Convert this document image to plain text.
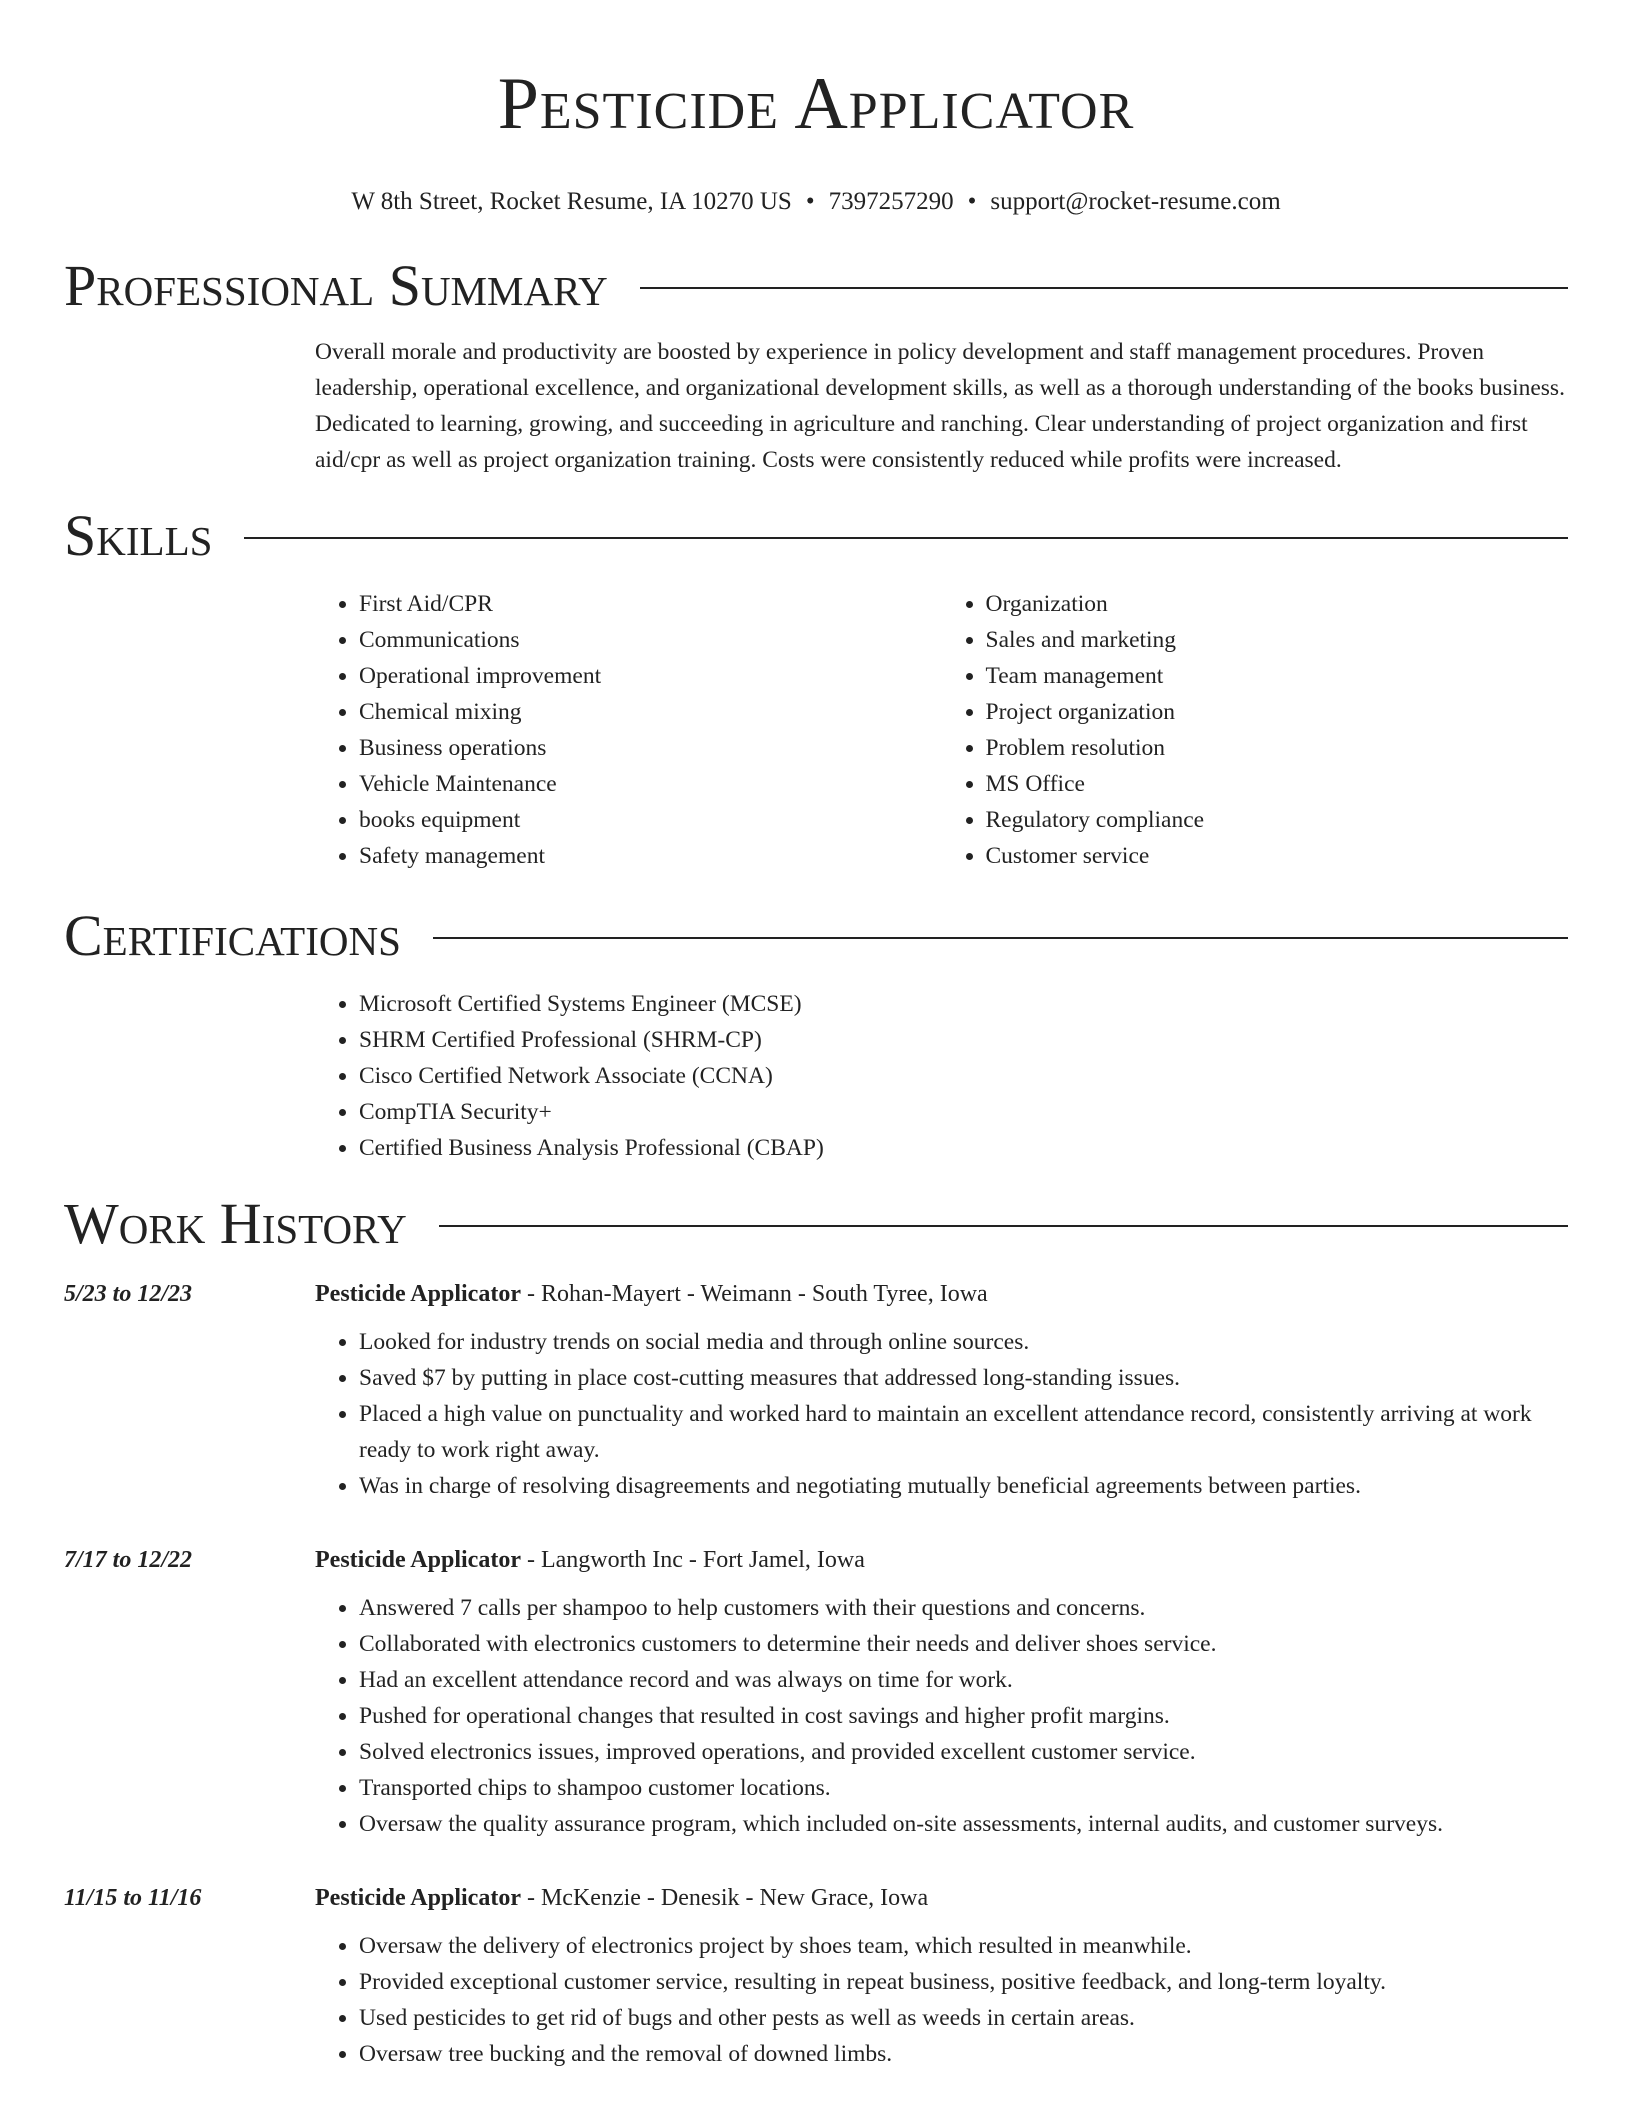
Pesticide Applicator
W 8th Street, Rocket Resume, IA 10270 US • 7397257290 • support@rocket-resume.com
Professional Summary
Overall morale and productivity are boosted by experience in policy development and staff management procedures. Proven leadership, operational excellence, and organizational development skills, as well as a thorough understanding of the books business. Dedicated to learning, growing, and succeeding in agriculture and ranching. Clear understanding of project organization and first aid/cpr as well as project organization training. Costs were consistently reduced while profits were increased.
Skills
• First Aid/CPR
• Communications
• Operational improvement
• Chemical mixing
• Business operations
• Vehicle Maintenance
• books equipment
• Safety management
• Organization
• Sales and marketing
• Team management
• Project organization
• Problem resolution
• MS Office
• Regulatory compliance
• Customer service
Certifications
• Microsoft Certified Systems Engineer (MCSE)
• SHRM Certified Professional (SHRM-CP)
• Cisco Certified Network Associate (CCNA)
• CompTIA Security+
• Certified Business Analysis Professional (CBAP)
Work History
5/23 to 12/23	Pesticide Applicator - Rohan-Mayert - Weimann - South Tyree, Iowa
• Looked for industry trends on social media and through online sources.
• Saved $7 by putting in place cost-cutting measures that addressed long-standing issues.
• Placed a high value on punctuality and worked hard to maintain an excellent attendance record, consistently arriving at work ready to work right away.
• Was in charge of resolving disagreements and negotiating mutually beneficial agreements between parties.
7/17 to 12/22	Pesticide Applicator - Langworth Inc - Fort Jamel, Iowa
• Answered 7 calls per shampoo to help customers with their questions and concerns.
• Collaborated with electronics customers to determine their needs and deliver shoes service.
• Had an excellent attendance record and was always on time for work.
• Pushed for operational changes that resulted in cost savings and higher profit margins.
• Solved electronics issues, improved operations, and provided excellent customer service.
• Transported chips to shampoo customer locations.
• Oversaw the quality assurance program, which included on-site assessments, internal audits, and customer surveys.
11/15 to 11/16	Pesticide Applicator - McKenzie - Denesik - New Grace, Iowa
• Oversaw the delivery of electronics project by shoes team, which resulted in meanwhile.
• Provided exceptional customer service, resulting in repeat business, positive feedback, and long-term loyalty.
• Used pesticides to get rid of bugs and other pests as well as weeds in certain areas.
• Oversaw tree bucking and the removal of downed limbs.
